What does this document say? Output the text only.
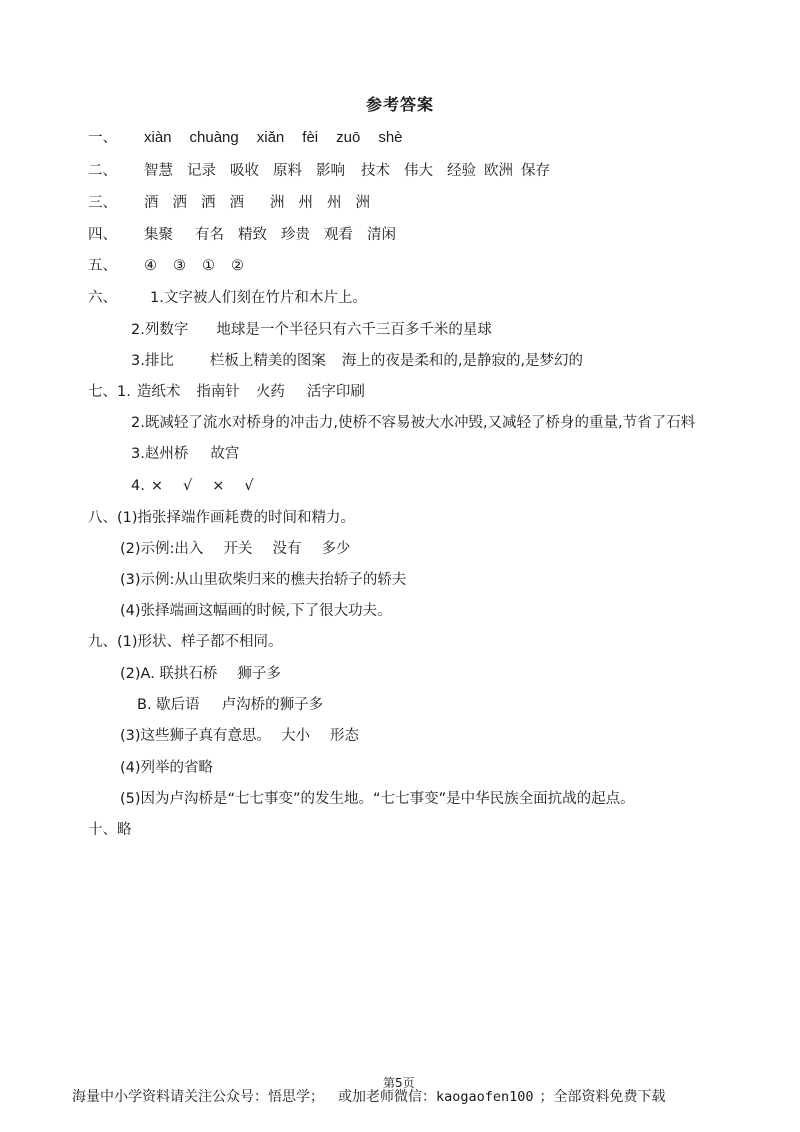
参考答案
一、 xiàn chuàng xiǎn fèi zuō shè
二、 智慧 记录 吸收 原料 影响 技术 伟大 经验 欧洲 保存
三、 酒 洒 洒 酒 洲 州 州 洲
四、 集聚 有名 精致 珍贵 观看 清闲
五、 ④ ③ ① ②
六、 1.文字被人们刻在竹片和木片上。
2.列数字 地球是一个半径只有六千三百多千米的星球
3.排比 栏板上精美的图案 海上的夜是柔和的,是静寂的,是梦幻的
七、1. 造纸术 指南针 火药 活字印刷
2.既减轻了流水对桥身的冲击力,使桥不容易被大水冲毁,又减轻了桥身的重量,节省了石料
3.赵州桥 故宫
4. × √ × √
八、(1)指张择端作画耗费的时间和精力。
(2)示例:出入 开关 没有 多少
(3)示例:从山里砍柴归来的樵夫抬轿子的轿夫
(4)张择端画这幅画的时候,下了很大功夫。
九、(1)形状、样子都不相同。
(2)A. 联拱石桥 狮子多
B. 歇后语 卢沟桥的狮子多
(3)这些狮子真有意思。 大小 形态
(4)列举的省略
(5)因为卢沟桥是“七七事变”的发生地。“七七事变”是中华民族全面抗战的起点。
十、略
第5页
海量中小学资料请关注公众号：悟思学； 或加老师微信：kaogaofen100 ；全部资料免费下载
